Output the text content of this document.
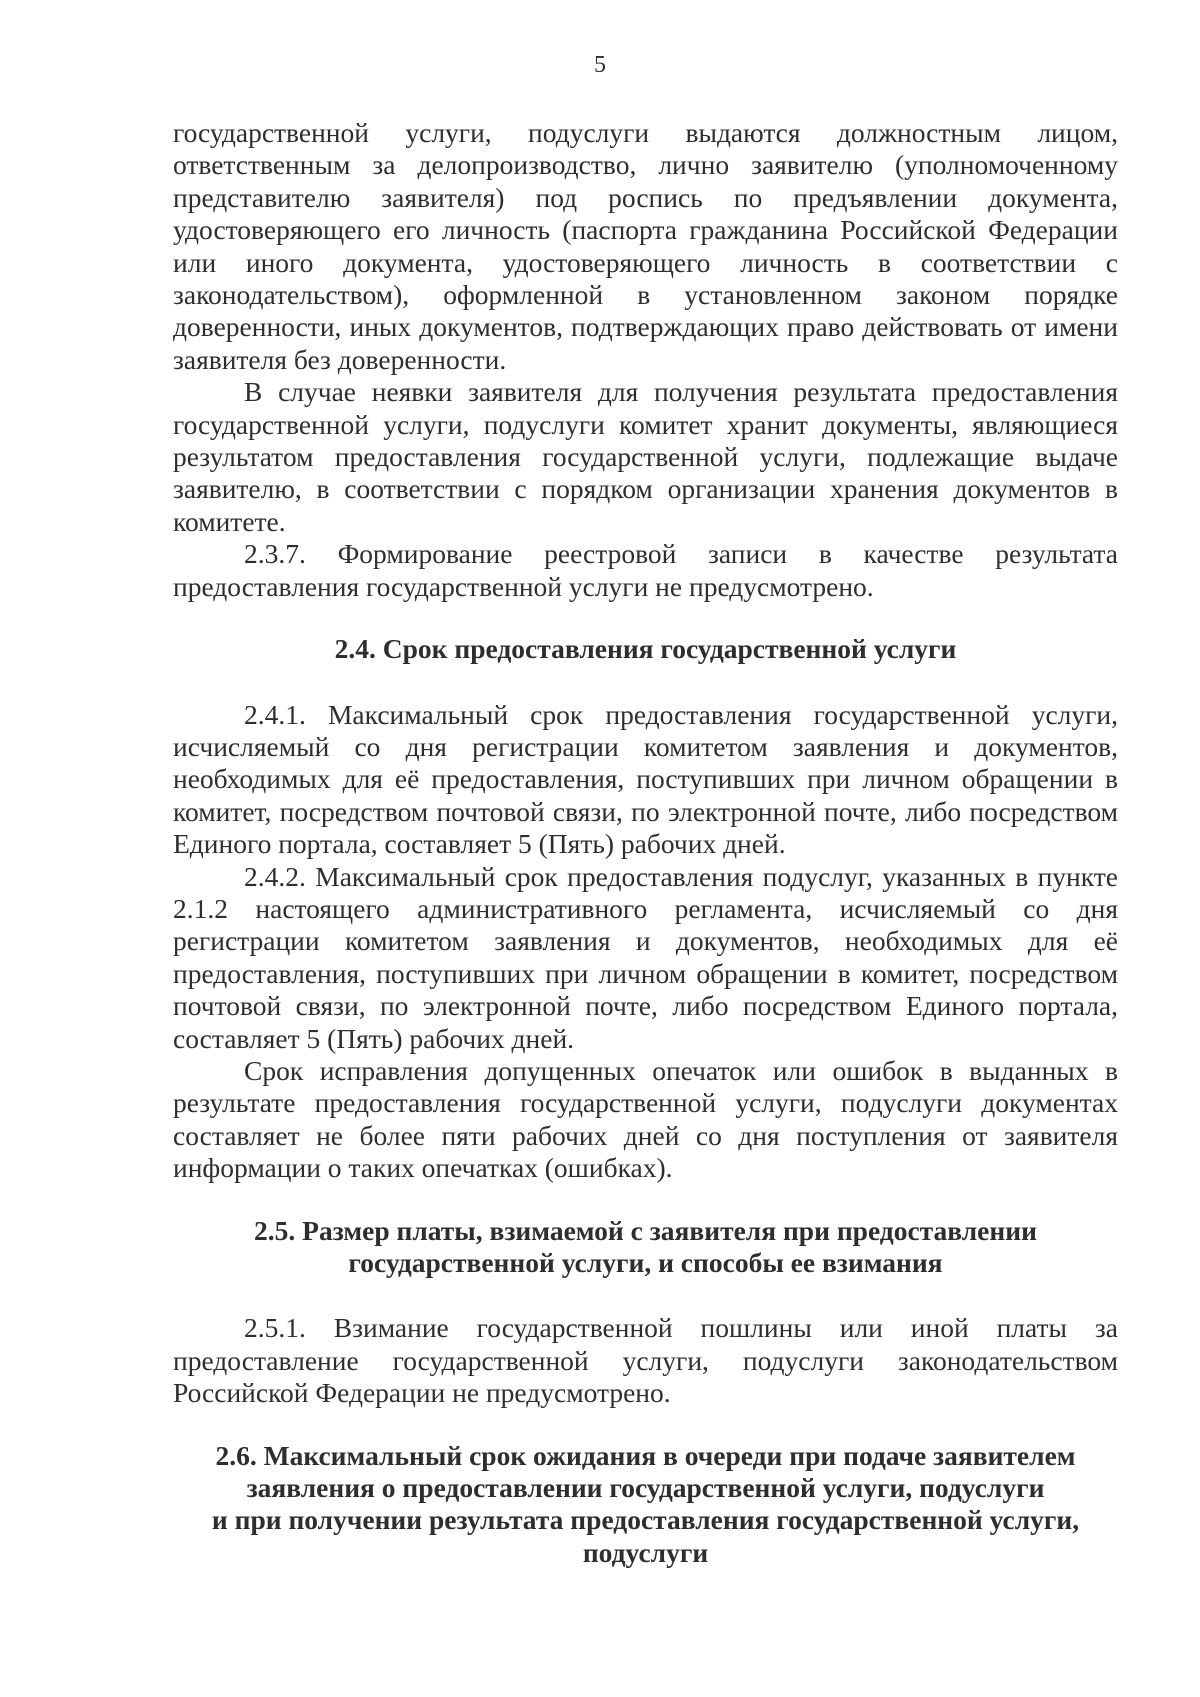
5

государственной услуги, подуслуги выдаются должностным лицом, ответственным за делопроизводство, лично заявителю (уполномоченному представителю заявителя) под роспись по предъявлении документа, удостоверяющего его личность (паспорта гражданина Российской Федерации или иного документа, удостоверяющего личность в соответствии с законодательством), оформленной в установленном законом порядке доверенности, иных документов, подтверждающих право действовать от имени заявителя без доверенности.

В случае неявки заявителя для получения результата предоставления государственной услуги, подуслуги комитет хранит документы, являющиеся результатом предоставления государственной услуги, подлежащие выдаче заявителю, в соответствии с порядком организации хранения документов в комитете.

2.3.7. Формирование реестровой записи в качестве результата предоставления государственной услуги не предусмотрено.

2.4. Срок предоставления государственной услуги

2.4.1. Максимальный срок предоставления государственной услуги, исчисляемый со дня регистрации комитетом заявления и документов, необходимых для её предоставления, поступивших при личном обращении в комитет, посредством почтовой связи, по электронной почте, либо посредством Единого портала, составляет 5 (Пять) рабочих дней.

2.4.2. Максимальный срок предоставления подуслуг, указанных в пункте 2.1.2 настоящего административного регламента, исчисляемый со дня регистрации комитетом заявления и документов, необходимых для её предоставления, поступивших при личном обращении в комитет, посредством почтовой связи, по электронной почте, либо посредством Единого портала, составляет 5 (Пять) рабочих дней.

Срок исправления допущенных опечаток или ошибок в выданных в результате предоставления государственной услуги, подуслуги документах составляет не более пяти рабочих дней со дня поступления от заявителя информации о таких опечатках (ошибках).

2.5. Размер платы, взимаемой с заявителя при предоставлении
государственной услуги, и способы ее взимания

2.5.1. Взимание государственной пошлины или иной платы за предоставление государственной услуги, подуслуги законодательством Российской Федерации не предусмотрено.

2.6. Максимальный срок ожидания в очереди при подаче заявителем
заявления о предоставлении государственной услуги, подуслуги
и при получении результата предоставления государственной услуги,
подуслуги
